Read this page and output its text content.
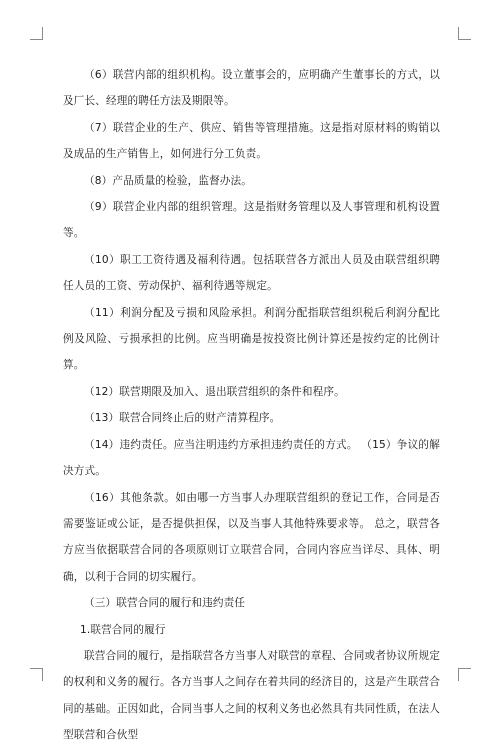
（6）联营内部的组织机构。设立董事会的，应明确产生董事长的方式，以及厂长、经理的聘任方法及期限等。

（7）联营企业的生产、供应、销售等管理措施。这是指对原材料的购销以及成品的生产销售上，如何进行分工负责。

（8）产品质量的检验，监督办法。

（9）联营企业内部的组织管理。这是指财务管理以及人事管理和机构设置等。

（10）职工工资待遇及福利待遇。包括联营各方派出人员及由联营组织聘任人员的工资、劳动保护、福利待遇等规定。

（11）利润分配及亏损和风险承担。利润分配指联营组织税后利润分配比例及风险、亏损承担的比例。应当明确是按投资比例计算还是按约定的比例计算。

（12）联营期限及加入、退出联营组织的条件和程序。

（13）联营合同终止后的财产清算程序。

（14）违约责任。应当注明违约方承担违约责任的方式。 （15）争议的解决方式。

（16）其他条款。如由哪一方当事人办理联营组织的登记工作，合同是否需要鉴证或公证，是否提供担保，以及当事人其他特殊要求等。 总之，联营各方应当依据联营合同的各项原则订立联营合同，合同内容应当详尽、具体、明确，以利于合同的切实履行。

（三）联营合同的履行和违约责任

1.联营合同的履行

联营合同的履行，是指联营各方当事人对联营的章程、合同或者协议所规定的权利和义务的履行。各方当事人之间存在着共同的经济目的，这是产生联营合同的基础。正因如此，合同当事人之间的权利义务也必然具有共同性质，在法人型联营和合伙型
